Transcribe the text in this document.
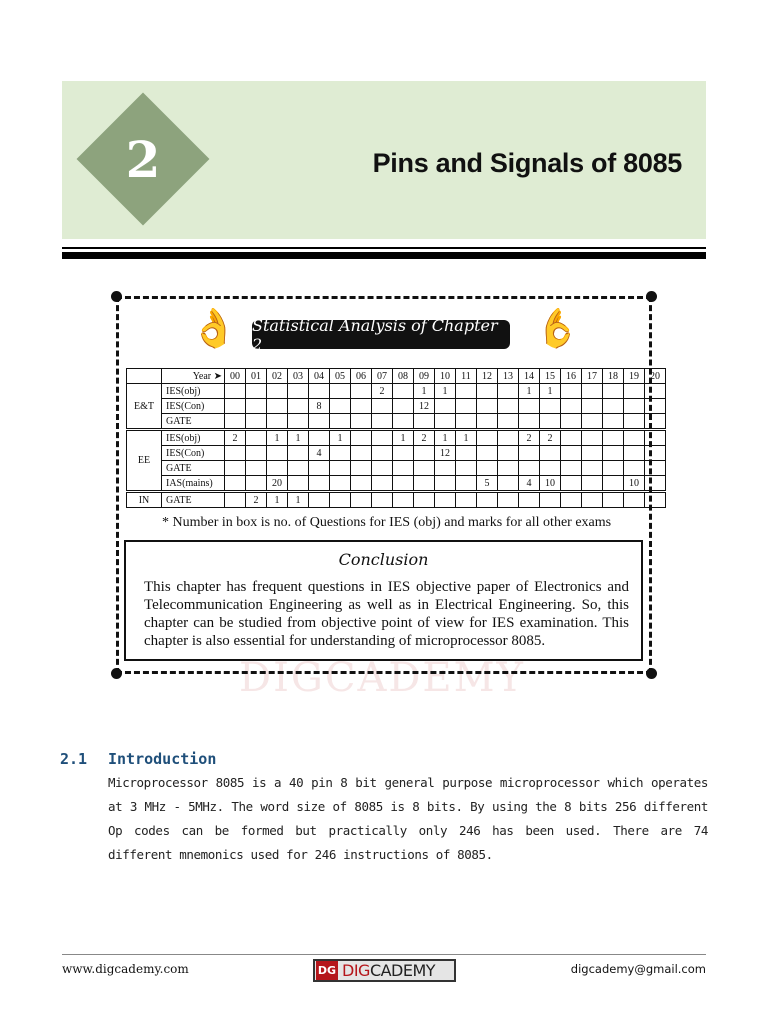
2	Pins and Signals of 8085
DIGCADEMY
👌	👌
Statistical Analysis of Chapter 2
	Year ➤	00	01	02	03	04	05	06	07	08	09	10	11	12	13	14	15	16	17	18	19	20
E&T	IES(obj)								2		1	1				1	1					
	IES(Con)					8					12											
	GATE																					
EE	IES(obj)	2		1	1		1			1	2	1	1			2	2					
	IES(Con)					4						12										
	GATE																					
	IAS(mains)			20										5		4	10				10	
IN	GATE		2	1	1																	
* Number in box is no. of Questions for IES (obj) and marks for all other exams
Conclusion
This chapter has frequent questions in IES objective paper of Electronics and Telecommunication Engineering as well as in Electrical Engineering. So, this chapter can be studied from objective point of view for IES examination. This chapter is also essential for understanding of microprocessor 8085.
2.1 Introduction
Microprocessor 8085 is a 40 pin 8 bit general purpose microprocessor which operates at 3 MHz - 5MHz. The word size of 8085 is 8 bits. By using the 8 bits 256 different Op codes can be formed but practically only 246 has been used. There are 74 different mnemonics used for 246 instructions of 8085.
www.digcademy.com	DG DIGCADEMY	digcademy@gmail.com
